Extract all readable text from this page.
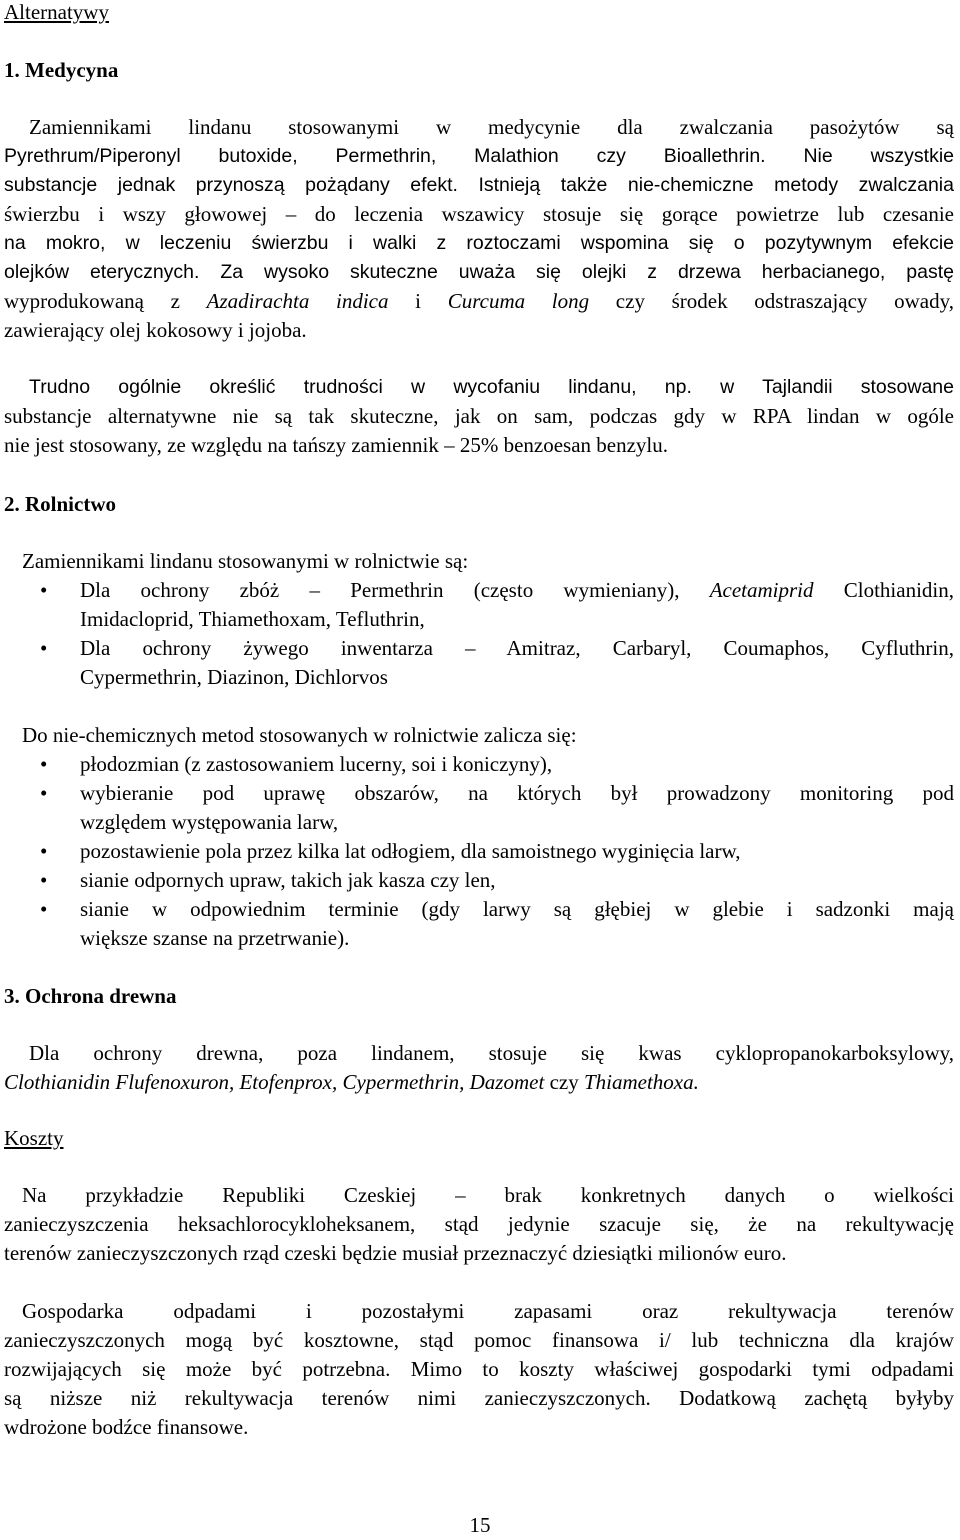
Alternatywy
1. Medycyna
Zamiennikami lindanu stosowanymi w medycynie dla zwalczania pasożytów są
Pyrethrum/Piperonyl butoxide, Permethrin, Malathion czy Bioallethrin. Nie wszystkie
substancje jednak przynoszą pożądany efekt. Istnieją także nie-chemiczne metody zwalczania
świerzbu i wszy głowowej – do leczenia wszawicy stosuje się gorące powietrze lub czesanie
na mokro, w leczeniu świerzbu i walki z roztoczami wspomina się o pozytywnym efekcie
olejków eterycznych. Za wysoko skuteczne uważa się olejki z drzewa herbacianego, pastę
wyprodukowaną z Azadirachta indica i Curcuma long czy środek odstraszający owady,
zawierający olej kokosowy i jojoba.
Trudno ogólnie określić trudności w wycofaniu lindanu, np. w Tajlandii stosowane
substancje alternatywne nie są tak skuteczne, jak on sam, podczas gdy w RPA lindan w ogóle
nie jest stosowany, ze względu na tańszy zamiennik – 25% benzoesan benzylu.
2. Rolnictwo
Zamiennikami lindanu stosowanymi w rolnictwie są:
• Dla ochrony zbóż – Permethrin (często wymieniany), Acetamiprid Clothianidin,
Imidacloprid, Thiamethoxam, Tefluthrin,
• Dla ochrony żywego inwentarza – Amitraz, Carbaryl, Coumaphos, Cyfluthrin,
Cypermethrin, Diazinon, Dichlorvos
Do nie-chemicznych metod stosowanych w rolnictwie zalicza się:
• płodozmian (z zastosowaniem lucerny, soi i koniczyny),
• wybieranie pod uprawę obszarów, na których był prowadzony monitoring pod
względem występowania larw,
• pozostawienie pola przez kilka lat odłogiem, dla samoistnego wyginięcia larw,
• sianie odpornych upraw, takich jak kasza czy len,
• sianie w odpowiednim terminie (gdy larwy są głębiej w glebie i sadzonki mają
większe szanse na przetrwanie).
3. Ochrona drewna
Dla ochrony drewna, poza lindanem, stosuje się kwas cyklopropanokarboksylowy,
Clothianidin Flufenoxuron, Etofenprox, Cypermethrin, Dazomet czy Thiamethoxa.
Koszty
Na przykładzie Republiki Czeskiej – brak konkretnych danych o wielkości
zanieczyszczenia heksachlorocykloheksanem, stąd jedynie szacuje się, że na rekultywację
terenów zanieczyszczonych rząd czeski będzie musiał przeznaczyć dziesiątki milionów euro.
Gospodarka odpadami i pozostałymi zapasami oraz rekultywacja terenów
zanieczyszczonych mogą być kosztowne, stąd pomoc finansowa i/ lub techniczna dla krajów
rozwijających się może być potrzebna. Mimo to koszty właściwej gospodarki tymi odpadami
są niższe niż rekultywacja terenów nimi zanieczyszczonych. Dodatkową zachętą byłyby
wdrożone bodźce finansowe.
15
